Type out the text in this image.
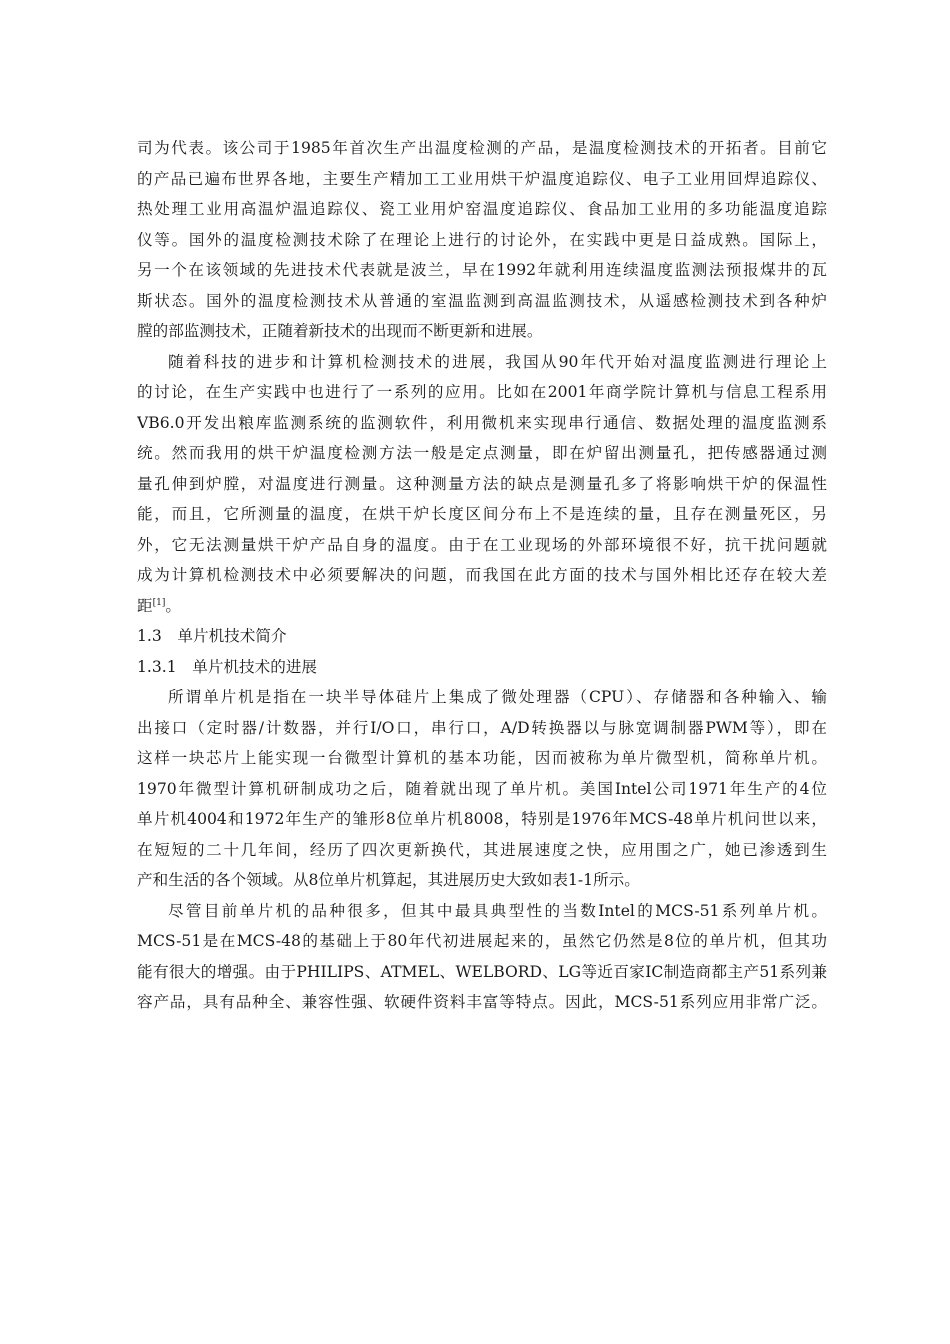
司为代表。该公司于1985年首次生产出温度检测的产品，是温度检测技术的开拓者。目前它
的产品已遍布世界各地，主要生产精加工工业用烘干炉温度追踪仪、电子工业用回焊追踪仪、
热处理工业用高温炉温追踪仪、瓷工业用炉窑温度追踪仪、食品加工业用的多功能温度追踪
仪等。国外的温度检测技术除了在理论上进行的讨论外，在实践中更是日益成熟。国际上，
另一个在该领域的先进技术代表就是波兰，早在1992年就利用连续温度监测法预报煤井的瓦
斯状态。国外的温度检测技术从普通的室温监测到高温监测技术，从遥感检测技术到各种炉
膛的部监测技术，正随着新技术的出现而不断更新和进展。
随着科技的进步和计算机检测技术的进展，我国从90年代开始对温度监测进行理论上
的讨论，在生产实践中也进行了一系列的应用。比如在2001年商学院计算机与信息工程系用
VB6.0开发出粮库监测系统的监测软件，利用微机来实现串行通信、数据处理的温度监测系
统。然而我用的烘干炉温度检测方法一般是定点测量，即在炉留出测量孔，把传感器通过测
量孔伸到炉膛，对温度进行测量。这种测量方法的缺点是测量孔多了将影响烘干炉的保温性
能，而且，它所测量的温度，在烘干炉长度区间分布上不是连续的量，且存在测量死区，另
外，它无法测量烘干炉产品自身的温度。由于在工业现场的外部环境很不好，抗干扰问题就
成为计算机检测技术中必须要解决的问题，而我国在此方面的技术与国外相比还存在较大差
距[1]。
1.3　单片机技术简介
1.3.1　单片机技术的进展
所谓单片机是指在一块半导体硅片上集成了微处理器（CPU）、存储器和各种输入、输
出接口（定时器/计数器，并行I/O口，串行口，A/D转换器以与脉宽调制器PWM等），即在
这样一块芯片上能实现一台微型计算机的基本功能，因而被称为单片微型机，简称单片机。
1970年微型计算机研制成功之后，随着就出现了单片机。美国Intel公司1971年生产的4位
单片机4004和1972年生产的雏形8位单片机8008，特别是1976年MCS-48单片机问世以来，
在短短的二十几年间，经历了四次更新换代，其进展速度之快，应用围之广，她已渗透到生
产和生活的各个领域。从8位单片机算起，其进展历史大致如表1-1所示。
尽管目前单片机的品种很多，但其中最具典型性的当数Intel的MCS-51系列单片机。
MCS-51是在MCS-48的基础上于80年代初进展起来的，虽然它仍然是8位的单片机，但其功
能有很大的增强。由于PHILIPS、ATMEL、WELBORD、LG等近百家IC制造商都主产51系列兼
容产品，具有品种全、兼容性强、软硬件资料丰富等特点。因此，MCS-51系列应用非常广泛。
